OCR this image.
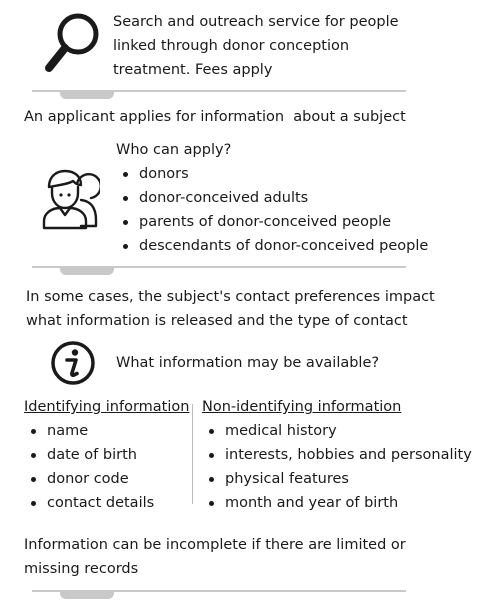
Search and outreach service for people
linked through donor conception
treatment. Fees apply
An applicant applies for information  about a subject
Who can apply?
donors
donor-conceived adults
parents of donor-conceived people
descendants of donor-conceived people
In some cases, the subject's contact preferences impact
what information is released and the type of contact
What information may be available?
Identifying information
name
date of birth
donor code
contact details
Non-identifying information
medical history
interests, hobbies and personality
physical features
month and year of birth
Information can be incomplete if there are limited or
missing records
